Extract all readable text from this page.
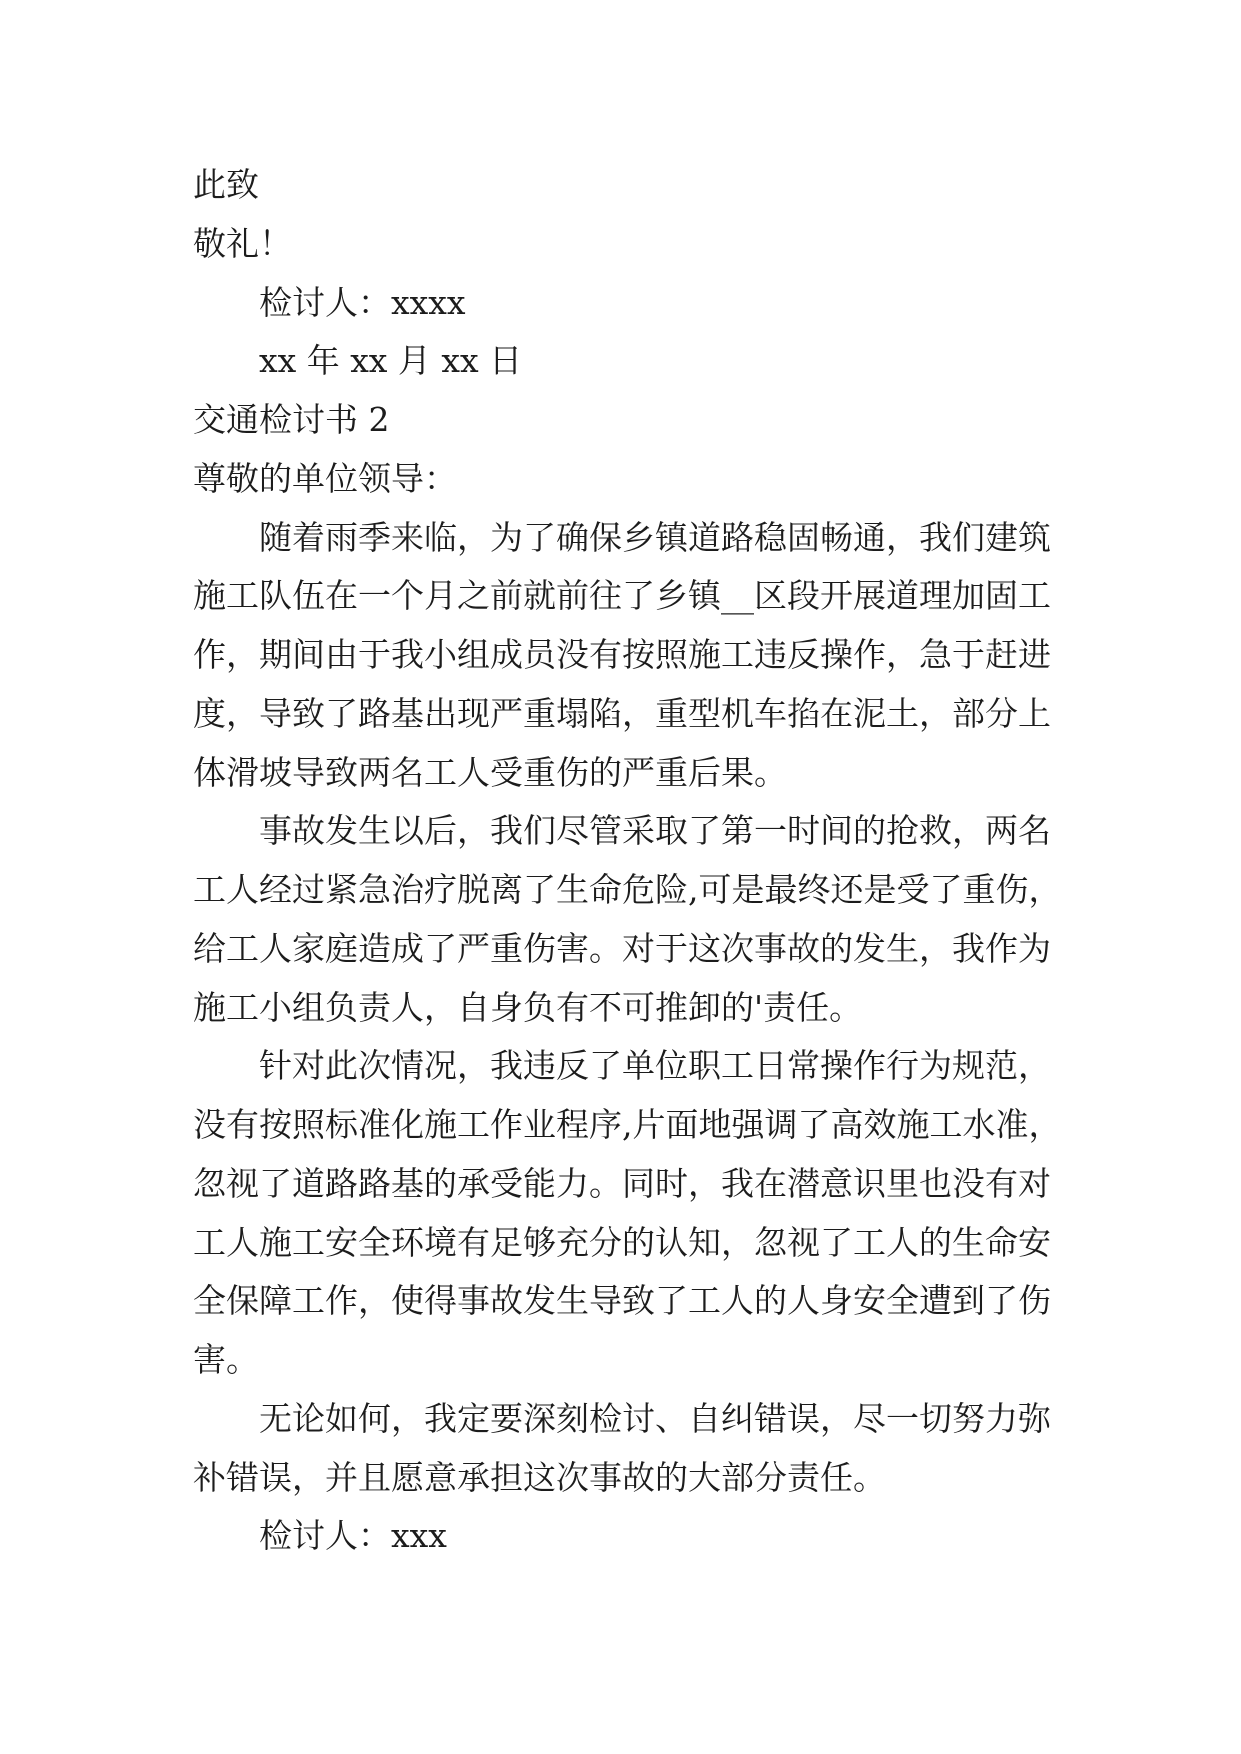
此致
敬礼！
检讨人：xxxx
xx 年 xx 月 xx 日
交通检讨书 2
尊敬的单位领导：
随着雨季来临，为了确保乡镇道路稳固畅通，我们建筑
施工队伍在一个月之前就前往了乡镇__区段开展道理加固工
作，期间由于我小组成员没有按照施工违反操作，急于赶进
度，导致了路基出现严重塌陷，重型机车掐在泥土，部分上
体滑坡导致两名工人受重伤的严重后果。
事故发生以后，我们尽管采取了第一时间的抢救，两名
工人经过紧急治疗脱离了生命危险,可是最终还是受了重伤，
给工人家庭造成了严重伤害。对于这次事故的发生，我作为
施工小组负责人，自身负有不可推卸的'责任。
针对此次情况，我违反了单位职工日常操作行为规范，
没有按照标准化施工作业程序,片面地强调了高效施工水准，
忽视了道路路基的承受能力。同时，我在潜意识里也没有对
工人施工安全环境有足够充分的认知，忽视了工人的生命安
全保障工作，使得事故发生导致了工人的人身安全遭到了伤
害。
无论如何，我定要深刻检讨、自纠错误，尽一切努力弥
补错误，并且愿意承担这次事故的大部分责任。
检讨人：xxx
